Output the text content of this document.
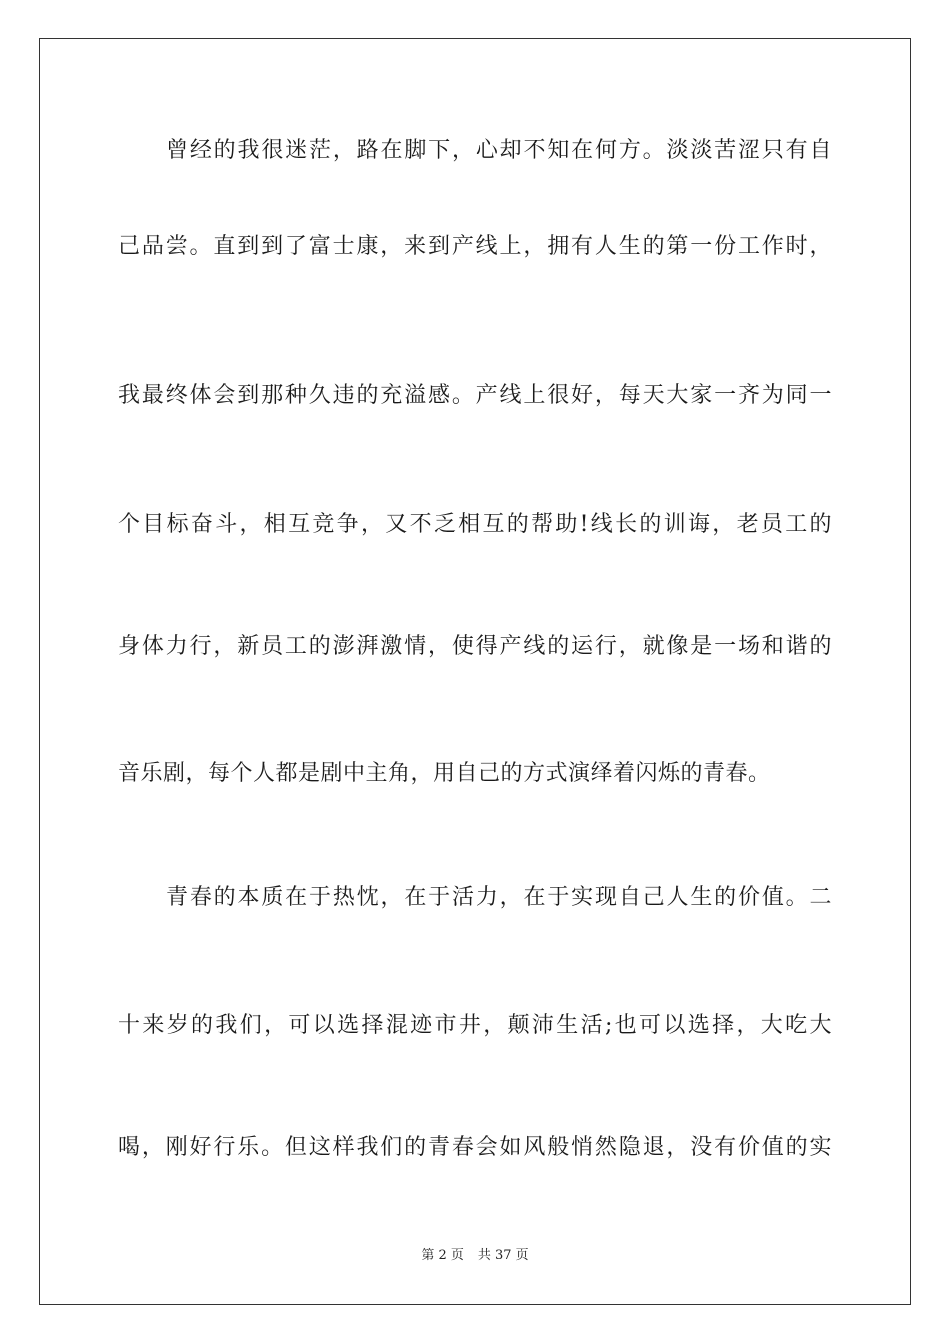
曾经的我很迷茫，路在脚下，心却不知在何方。淡淡苦涩只有自
己品尝。直到到了富士康，来到产线上，拥有人生的第一份工作时，
我最终体会到那种久违的充溢感。产线上很好，每天大家一齐为同一
个目标奋斗，相互竞争，又不乏相互的帮助!线长的训诲，老员工的
身体力行，新员工的澎湃激情，使得产线的运行，就像是一场和谐的
音乐剧，每个人都是剧中主角，用自己的方式演绎着闪烁的青春。
青春的本质在于热忱，在于活力，在于实现自己人生的价值。二
十来岁的我们，可以选择混迹市井，颠沛生活;也可以选择，大吃大
喝，刚好行乐。但这样我们的青春会如风般悄然隐退，没有价值的实
第 2 页 共 37 页
